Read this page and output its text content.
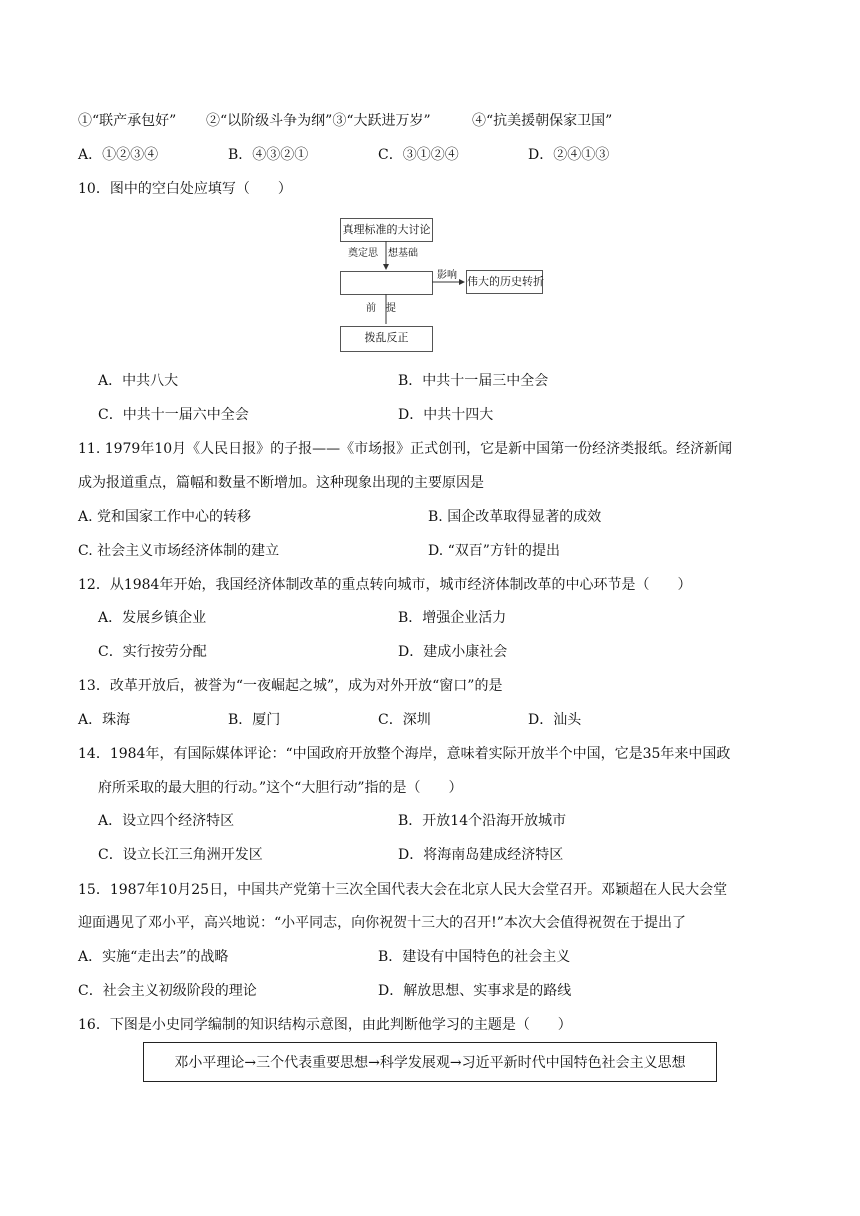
①“联产承包好” ②“以阶级斗争为纲”③“大跃进万岁”	④“抗美援朝保家卫国”
A．①②③④	B．④③②①	C．③①②④	D．②④①③
10．图中的空白处应填写（　　）
真理标准的大讨论
奠定思　想基础
影响 伟大的历史转折
前　提
拨乱反正
A．中共八大	B．中共十一届三中全会
C．中共十一届六中全会	D．中共十四大
11. 1979年10月《人民日报》的子报——《市场报》正式创刊，它是新中国第一份经济类报纸。经济新闻
成为报道重点，篇幅和数量不断增加。这种现象出现的主要原因是
A. 党和国家工作中心的转移	B. 国企改革取得显著的成效
C. 社会主义市场经济体制的建立	D. “双百”方针的提出
12．从1984年开始，我国经济体制改革的重点转向城市，城市经济体制改革的中心环节是（　　）
A．发展乡镇企业	B．增强企业活力
C．实行按劳分配	D．建成小康社会
13．改革开放后，被誉为“一夜崛起之城”，成为对外开放“窗口”的是
A．珠海	B．厦门	C．深圳	D．汕头
14．1984年，有国际媒体评论：“中国政府开放整个海岸，意味着实际开放半个中国，它是35年来中国政
府所采取的最大胆的行动。”这个“大胆行动”指的是（　　）
A．设立四个经济特区	B．开放14个沿海开放城市
C．设立长江三角洲开发区	D．将海南岛建成经济特区
15．1987年10月25日，中国共产党第十三次全国代表大会在北京人民大会堂召开。邓颖超在人民大会堂
迎面遇见了邓小平，高兴地说：“小平同志，向你祝贺十三大的召开!”本次大会值得祝贺在于提出了
A．实施“走出去”的战略	B．建设有中国特色的社会主义
C．社会主义初级阶段的理论	D．解放思想、实事求是的路线
16．下图是小史同学编制的知识结构示意图，由此判断他学习的主题是（　　）
邓小平理论→三个代表重要思想→科学发展观→习近平新时代中国特色社会主义思想
